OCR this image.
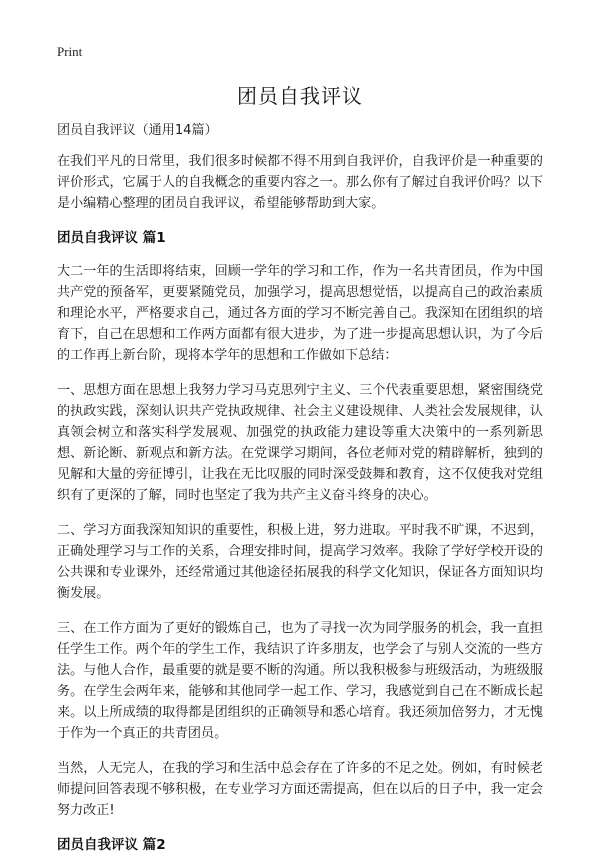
Print
团员自我评议
团员自我评议（通用14篇）
在我们平凡的日常里，我们很多时候都不得不用到自我评价，自我评价是一种重要的评价形式，它属于人的自我概念的重要内容之一。那么你有了解过自我评价吗？以下是小编精心整理的团员自我评议，希望能够帮助到大家。
团员自我评议 篇1
大二一年的生活即将结束，回顾一学年的学习和工作，作为一名共青团员，作为中国共产党的预备军，更要紧随党员，加强学习，提高思想觉悟，以提高自己的政治素质和理论水平，严格要求自己，通过各方面的学习不断完善自己。我深知在团组织的培育下，自己在思想和工作两方面都有很大进步，为了进一步提高思想认识，为了今后的工作再上新台阶，现将本学年的思想和工作做如下总结：
一、思想方面在思想上我努力学习马克思列宁主义、三个代表重要思想，紧密围绕党的执政实践，深刻认识共产党执政规律、社会主义建设规律、人类社会发展规律，认真领会树立和落实科学发展观、加强党的执政能力建设等重大决策中的一系列新思想、新论断、新观点和新方法。在党课学习期间，各位老师对党的精辟解析，独到的见解和大量的旁征博引，让我在无比叹服的同时深受鼓舞和教育，这不仅使我对党组织有了更深的了解，同时也坚定了我为共产主义奋斗终身的决心。
二、学习方面我深知知识的重要性，积极上进，努力进取。平时我不旷课，不迟到，正确处理学习与工作的关系，合理安排时间，提高学习效率。我除了学好学校开设的公共课和专业课外，还经常通过其他途径拓展我的科学文化知识，保证各方面知识均衡发展。
三、在工作方面为了更好的锻炼自己，也为了寻找一次为同学服务的机会，我一直担任学生工作。两个年的学生工作，我结识了许多朋友，也学会了与别人交流的一些方法。与他人合作，最重要的就是要不断的沟通。所以我积极参与班级活动，为班级服务。在学生会两年来，能够和其他同学一起工作、学习，我感觉到自己在不断成长起来。以上所成绩的取得都是团组织的正确领导和悉心培育。我还须加倍努力，才无愧于作为一个真正的共青团员。
当然，人无完人，在我的学习和生活中总会存在了许多的不足之处。例如，有时候老师提问回答表现不够积极，在专业学习方面还需提高，但在以后的日子中，我一定会努力改正!
团员自我评议 篇2
